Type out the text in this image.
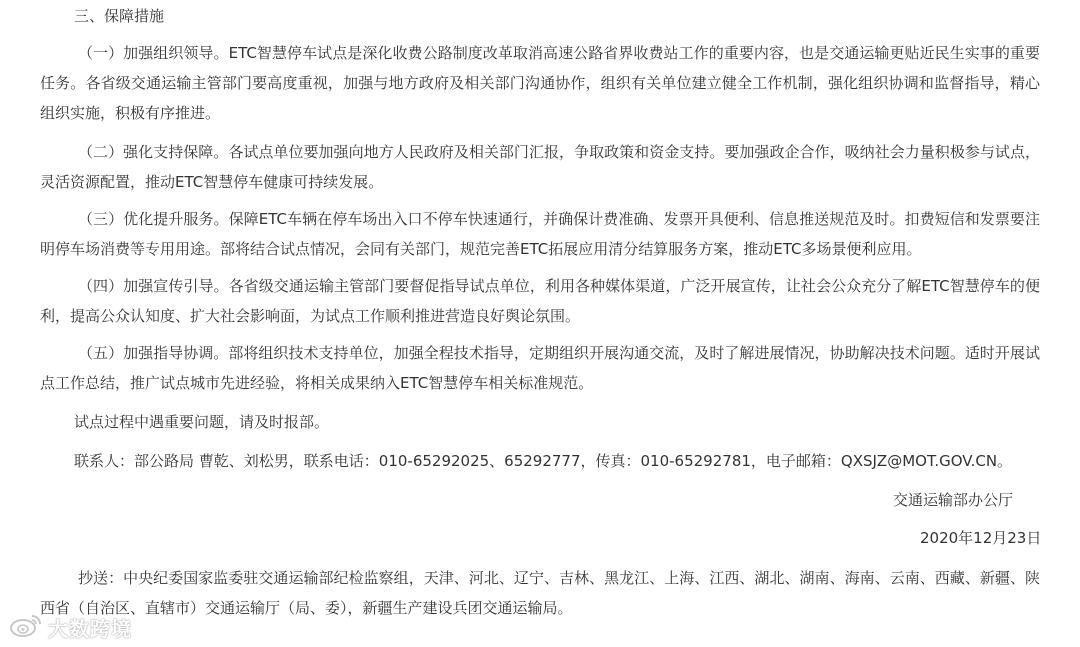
三、保障措施
（一）加强组织领导。ETC智慧停车试点是深化收费公路制度改革取消高速公路省界收费站工作的重要内容，也是交通运输更贴近民生实事的重要任务。各省级交通运输主管部门要高度重视，加强与地方政府及相关部门沟通协作，组织有关单位建立健全工作机制，强化组织协调和监督指导，精心组织实施，积极有序推进。
（二）强化支持保障。各试点单位要加强向地方人民政府及相关部门汇报，争取政策和资金支持。要加强政企合作，吸纳社会力量积极参与试点，灵活资源配置，推动ETC智慧停车健康可持续发展。
（三）优化提升服务。保障ETC车辆在停车场出入口不停车快速通行，并确保计费准确、发票开具便利、信息推送规范及时。扣费短信和发票要注明停车场消费等专用用途。部将结合试点情况，会同有关部门，规范完善ETC拓展应用清分结算服务方案，推动ETC多场景便利应用。
（四）加强宣传引导。各省级交通运输主管部门要督促指导试点单位，利用各种媒体渠道，广泛开展宣传，让社会公众充分了解ETC智慧停车的便利，提高公众认知度、扩大社会影响面，为试点工作顺利推进营造良好舆论氛围。
（五）加强指导协调。部将组织技术支持单位，加强全程技术指导，定期组织开展沟通交流，及时了解进展情况，协助解决技术问题。适时开展试点工作总结，推广试点城市先进经验，将相关成果纳入ETC智慧停车相关标准规范。
试点过程中遇重要问题，请及时报部。
联系人：部公路局 曹乾、刘松男，联系电话：010-65292025、65292777，传真：010-65292781，电子邮箱：QXSJZ@MOT.GOV.CN。
交通运输部办公厅
2020年12月23日
抄送：中央纪委国家监委驻交通运输部纪检监察组，天津、河北、辽宁、吉林、黑龙江、上海、江西、湖北、湖南、海南、云南、西藏、新疆、陕西省（自治区、直辖市）交通运输厅（局、委），新疆生产建设兵团交通运输局。
大数跨境
